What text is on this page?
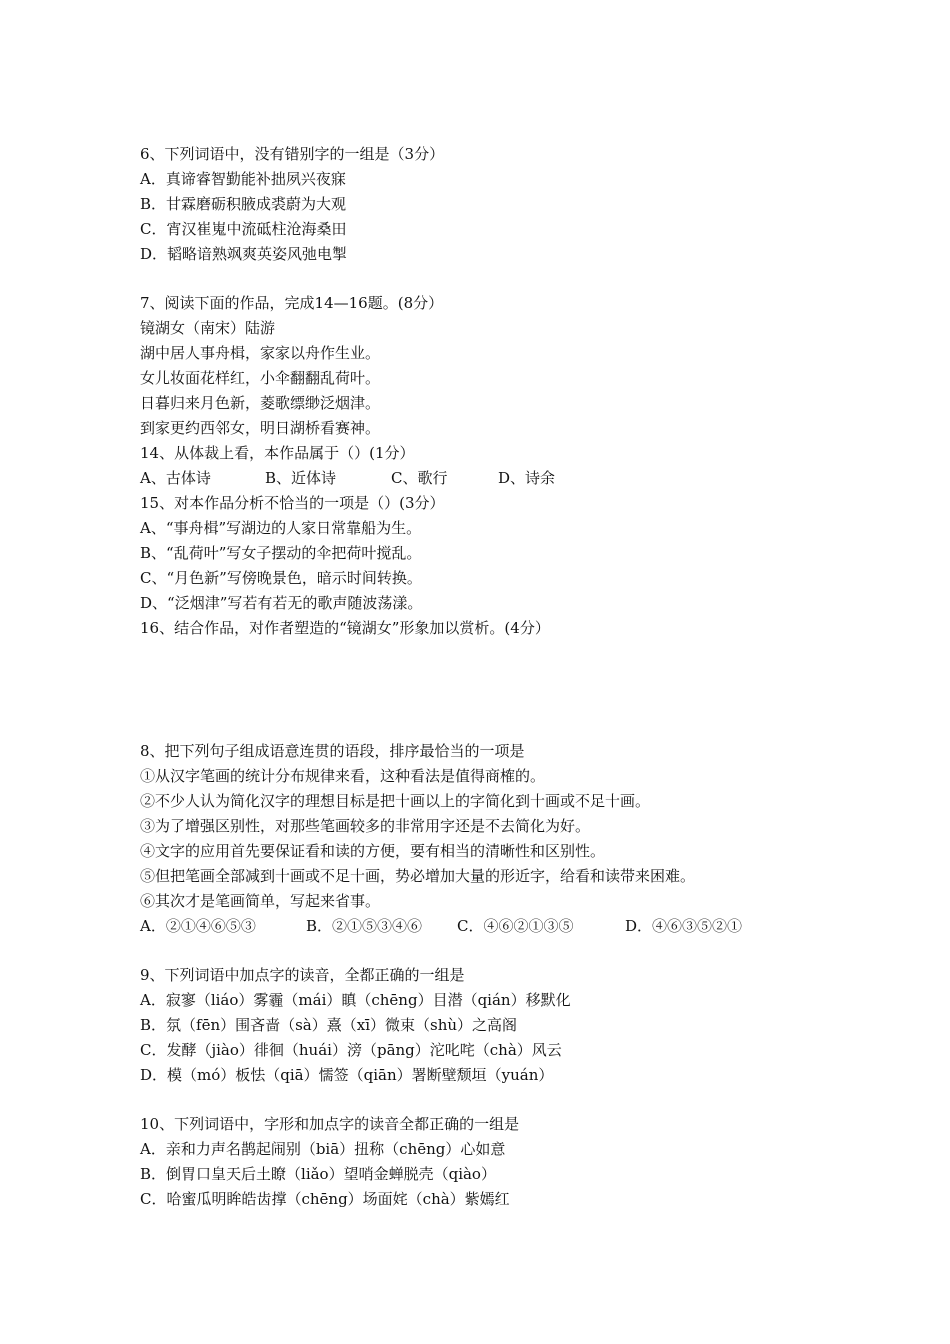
6、下列词语中，没有错别字的一组是（3分）
A．真谛睿智勤能补拙夙兴夜寐
B．甘霖磨砺积腋成裘蔚为大观
C．宵汉崔嵬中流砥柱沧海桑田
D．韬略谙熟飒爽英姿风弛电掣
7、阅读下面的作品，完成14—16题。(8分）
镜湖女（南宋）陆游
湖中居人事舟楫，家家以舟作生业。
女儿妆面花样红，小伞翻翻乱荷叶。
日暮归来月色新，菱歌缥缈泛烟津。
到家更约西邻女，明日湖桥看赛神。
14、从体裁上看，本作品属于（）(1分）
A、古体诗	B、近体诗	C、歌行	D、诗余
15、对本作品分析不恰当的一项是（）(3分）
A、“事舟楫”写湖边的人家日常靠船为生。
B、“乱荷叶”写女子摆动的伞把荷叶搅乱。
C、“月色新”写傍晚景色，暗示时间转换。
D、“泛烟津”写若有若无的歌声随波荡漾。
16、结合作品，对作者塑造的“镜湖女”形象加以赏析。(4分）
8、把下列句子组成语意连贯的语段，排序最恰当的一项是
①从汉字笔画的统计分布规律来看，这种看法是值得商榷的。
②不少人认为简化汉字的理想目标是把十画以上的字简化到十画或不足十画。
③为了增强区别性，对那些笔画较多的非常用字还是不去简化为好。
④文字的应用首先要保证看和读的方便，要有相当的清晰性和区别性。
⑤但把笔画全部减到十画或不足十画，势必增加大量的形近字，给看和读带来困难。
⑥其次才是笔画简单，写起来省事。
A．②①④⑥⑤③	B．②①⑤③④⑥ C．④⑥②①③⑤	D．④⑥③⑤②①
9、下列词语中加点字的读音，全都正确的一组是
A．寂寥（liáo）雾霾（mái）瞋（chēng）目潜（qián）移默化
B．氛（fēn）围吝啬（sà）熹（xī）微束（shù）之高阁
C．发酵（jiào）徘徊（huái）滂（pāng）沱叱咤（chà）风云
D．模（mó）板怯（qiā）懦签（qiān）署断壁颓垣（yuán）
10、下列词语中，字形和加点字的读音全都正确的一组是
A．亲和力声名鹊起闹别（biā）扭称（chēng）心如意
B．倒胃口皇天后土瞭（liǎo）望哨金蝉脱壳（qiào）
C．哈蜜瓜明眸皓齿撑（chēng）场面姹（chà）紫嫣红
